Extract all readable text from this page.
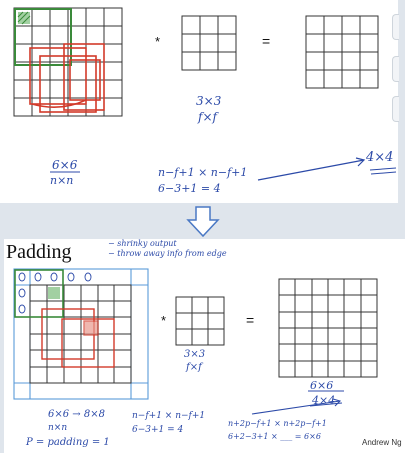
*	=
3×3
f×f
6×6
n×n
n−f+1 × n−f+1
6−3+1 = 4
4×4
Padding	− shrinky output
− throw away info from edge
*	=
3×3
f×f
6×6
4×4
6×6 → 8×8
n×n
n−f+1 × n−f+1
6−3+1 = 4
n+2p−f+1 × n+2p−f+1
6+2−3+1 × ___ = 6×6
P = padding = 1	Andrew Ng
